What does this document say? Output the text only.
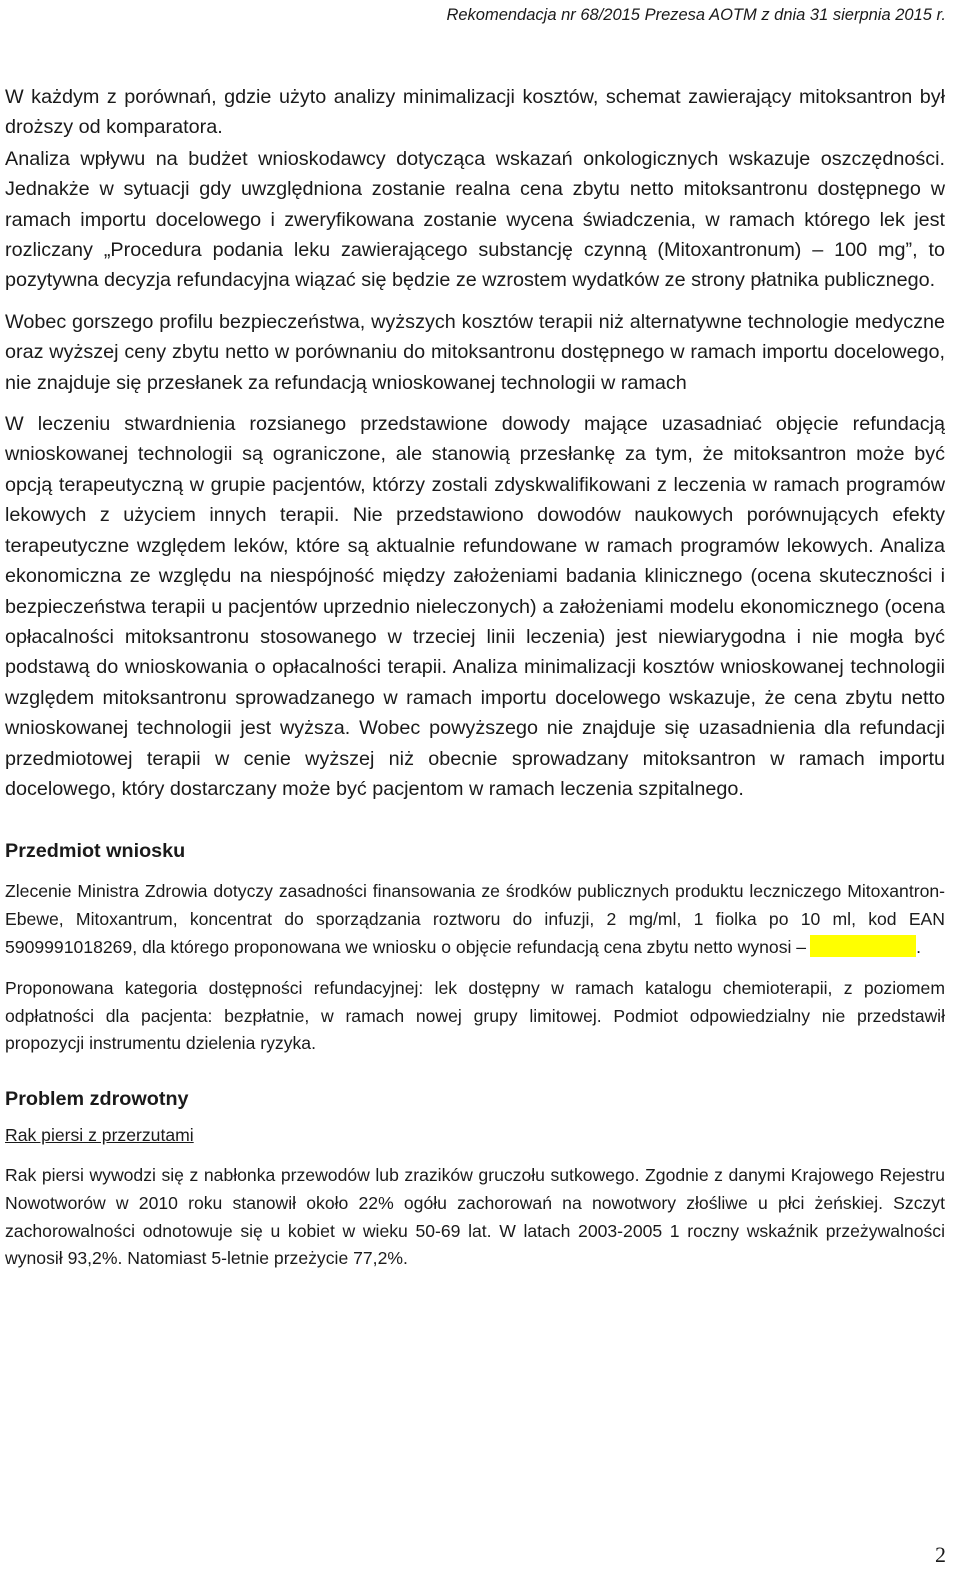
Rekomendacja nr 68/2015 Prezesa AOTM z dnia 31 sierpnia 2015 r.

W każdym z porównań, gdzie użyto analizy minimalizacji kosztów, schemat zawierający mitoksantron był droższy od komparatora.

Analiza wpływu na budżet wnioskodawcy dotycząca wskazań onkologicznych wskazuje oszczędności. Jednakże w sytuacji gdy uwzględniona zostanie realna cena zbytu netto mitoksantronu dostępnego w ramach importu docelowego i zweryfikowana zostanie wycena świadczenia, w ramach którego lek jest rozliczany „Procedura podania leku zawierającego substancję czynną (Mitoxantronum) – 100 mg”, to pozytywna decyzja refundacyjna wiązać się będzie ze wzrostem wydatków ze strony płatnika publicznego.

Wobec gorszego profilu bezpieczeństwa, wyższych kosztów terapii niż alternatywne technologie medyczne oraz wyższej ceny zbytu netto w porównaniu do mitoksantronu dostępnego w ramach importu docelowego, nie znajduje się przesłanek za refundacją wnioskowanej technologii w ramach

W leczeniu stwardnienia rozsianego przedstawione dowody mające uzasadniać objęcie refundacją wnioskowanej technologii są ograniczone, ale stanowią przesłankę za tym, że mitoksantron może być opcją terapeutyczną w grupie pacjentów, którzy zostali zdyskwalifikowani z leczenia w ramach programów lekowych z użyciem innych terapii. Nie przedstawiono dowodów naukowych porównujących efekty terapeutyczne względem leków, które są aktualnie refundowane w ramach programów lekowych. Analiza ekonomiczna ze względu na niespójność między założeniami badania klinicznego (ocena skuteczności i bezpieczeństwa terapii u pacjentów uprzednio nieleczonych) a założeniami modelu ekonomicznego (ocena opłacalności mitoksantronu stosowanego w trzeciej linii leczenia) jest niewiarygodna i nie mogła być podstawą do wnioskowania o opłacalności terapii. Analiza minimalizacji kosztów wnioskowanej technologii względem mitoksantronu sprowadzanego w ramach importu docelowego wskazuje, że cena zbytu netto wnioskowanej technologii jest wyższa. Wobec powyższego nie znajduje się uzasadnienia dla refundacji przedmiotowej terapii w cenie wyższej niż obecnie sprowadzany mitoksantron w ramach importu docelowego, który dostarczany może być pacjentom w ramach leczenia szpitalnego.

Przedmiot wniosku

Zlecenie Ministra Zdrowia dotyczy zasadności finansowania ze środków publicznych produktu leczniczego Mitoxantron-Ebewe, Mitoxantrum, koncentrat do sporządzania roztworu do infuzji, 2 mg/ml, 1 fiolka po 10 ml, kod EAN 5909991018269, dla którego proponowana we wniosku o objęcie refundacją cena zbytu netto wynosi –	.

Proponowana kategoria dostępności refundacyjnej: lek dostępny w ramach katalogu chemioterapii, z poziomem odpłatności dla pacjenta: bezpłatnie, w ramach nowej grupy limitowej. Podmiot odpowiedzialny nie przedstawił propozycji instrumentu dzielenia ryzyka.

Problem zdrowotny

Rak piersi z przerzutami

Rak piersi wywodzi się z nabłonka przewodów lub zrazików gruczołu sutkowego. Zgodnie z danymi Krajowego Rejestru Nowotworów w 2010 roku stanowił około 22% ogółu zachorowań na nowotwory złośliwe u płci żeńskiej. Szczyt zachorowalności odnotowuje się u kobiet w wieku 50-69 lat. W latach 2003-2005 1 roczny wskaźnik przeżywalności wynosił 93,2%. Natomiast 5-letnie przeżycie 77,2%.

2
